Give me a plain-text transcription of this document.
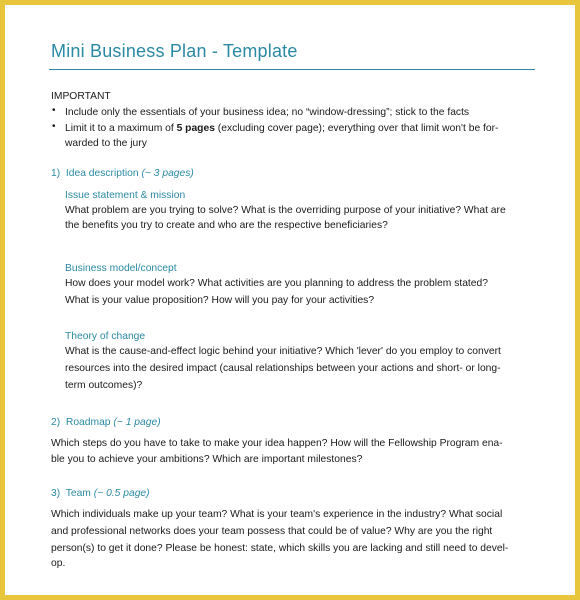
Mini Business Plan - Template
IMPORTANT
• Include only the essentials of your business idea; no “window-dressing”; stick to the facts
• Limit it to a maximum of 5 pages (excluding cover page); everything over that limit won't be for-
warded to the jury
1) Idea description (~ 3 pages)
Issue statement & mission
What problem are you trying to solve? What is the overriding purpose of your initiative? What are
the benefits you try to create and who are the respective beneficiaries?
Business model/concept
How does your model work? What activities are you planning to address the problem stated?
What is your value proposition? How will you pay for your activities?
Theory of change
What is the cause-and-effect logic behind your initiative? Which 'lever' do you employ to convert
resources into the desired impact (causal relationships between your actions and short- or long-
term outcomes)?
2) Roadmap (~ 1 page)
Which steps do you have to take to make your idea happen? How will the Fellowship Program ena-
ble you to achieve your ambitions? Which are important milestones?
3) Team (~ 0.5 page)
Which individuals make up your team? What is your team's experience in the industry? What social
and professional networks does your team possess that could be of value? Why are you the right
person(s) to get it done? Please be honest: state, which skills you are lacking and still need to devel-
op.
